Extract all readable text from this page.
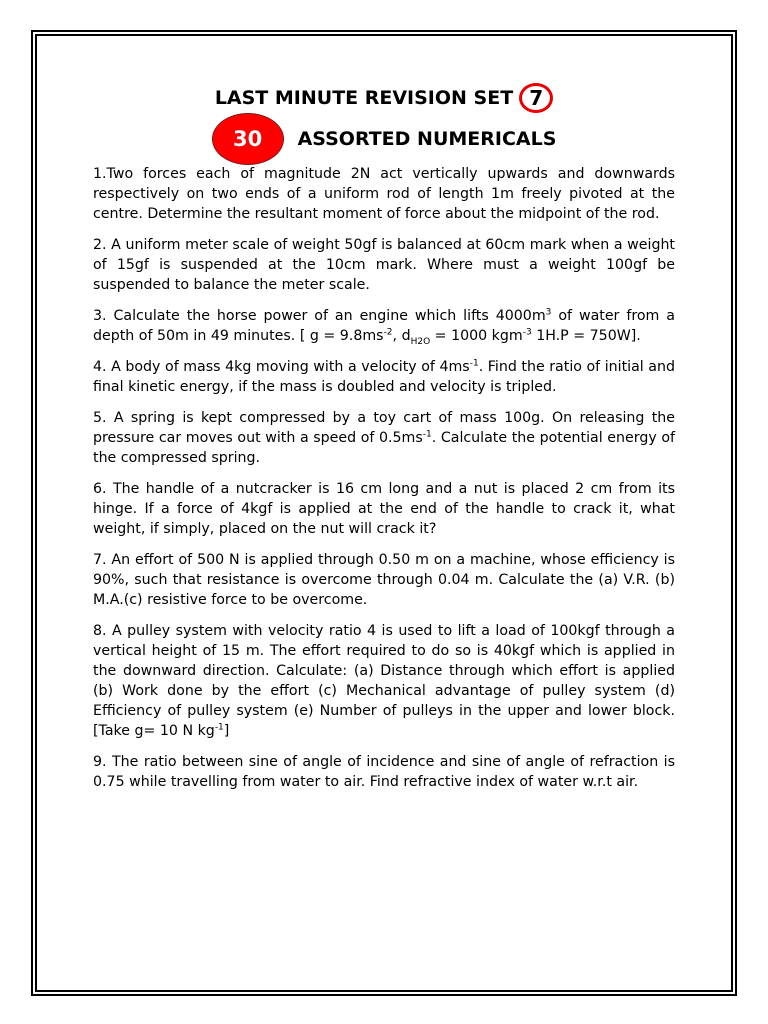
LAST MINUTE REVISION SET 7
30	ASSORTED NUMERICALS

1.Two forces each of magnitude 2N act vertically upwards and downwards respectively on two ends of a uniform rod of length 1m freely pivoted at the centre. Determine the resultant moment of force about the midpoint of the rod.

2. A uniform meter scale of weight 50gf is balanced at 60cm mark when a weight of 15gf is suspended at the 10cm mark. Where must a weight 100gf be suspended to balance the meter scale.

3. Calculate the horse power of an engine which lifts $4000m^3$ of water from a depth of 50m in 49 minutes. [ $g = 9.8ms^{-2}$, $d_{H2O} = 1000$ kgm$^{-3}$ 1H.P = 750W].

4. A body of mass 4kg moving with a velocity of $4ms^{-1}$. Find the ratio of initial and final kinetic energy, if the mass is doubled and velocity is tripled.

5. A spring is kept compressed by a toy cart of mass 100g. On releasing the pressure car moves out with a speed of $0.5ms^{-1}$. Calculate the potential energy of the compressed spring.

6. The handle of a nutcracker is 16 cm long and a nut is placed 2 cm from its hinge. If a force of 4kgf is applied at the end of the handle to crack it, what weight, if simply, placed on the nut will crack it?

7. An effort of 500 N is applied through 0.50 m on a machine, whose efficiency is 90%, such that resistance is overcome through 0.04 m. Calculate the (a) V.R. (b) M.A.(c) resistive force to be overcome.

8. A pulley system with velocity ratio 4 is used to lift a load of 100kgf through a vertical height of 15 m. The effort required to do so is 40kgf which is applied in the downward direction. Calculate: (a) Distance through which effort is applied (b) Work done by the effort (c) Mechanical advantage of pulley system (d) Efficiency of pulley system (e) Number of pulleys in the upper and lower block. [Take g= 10 N $kg^{-1}$]

9. The ratio between sine of angle of incidence and sine of angle of refraction is 0.75 while travelling from water to air. Find refractive index of water w.r.t air.
